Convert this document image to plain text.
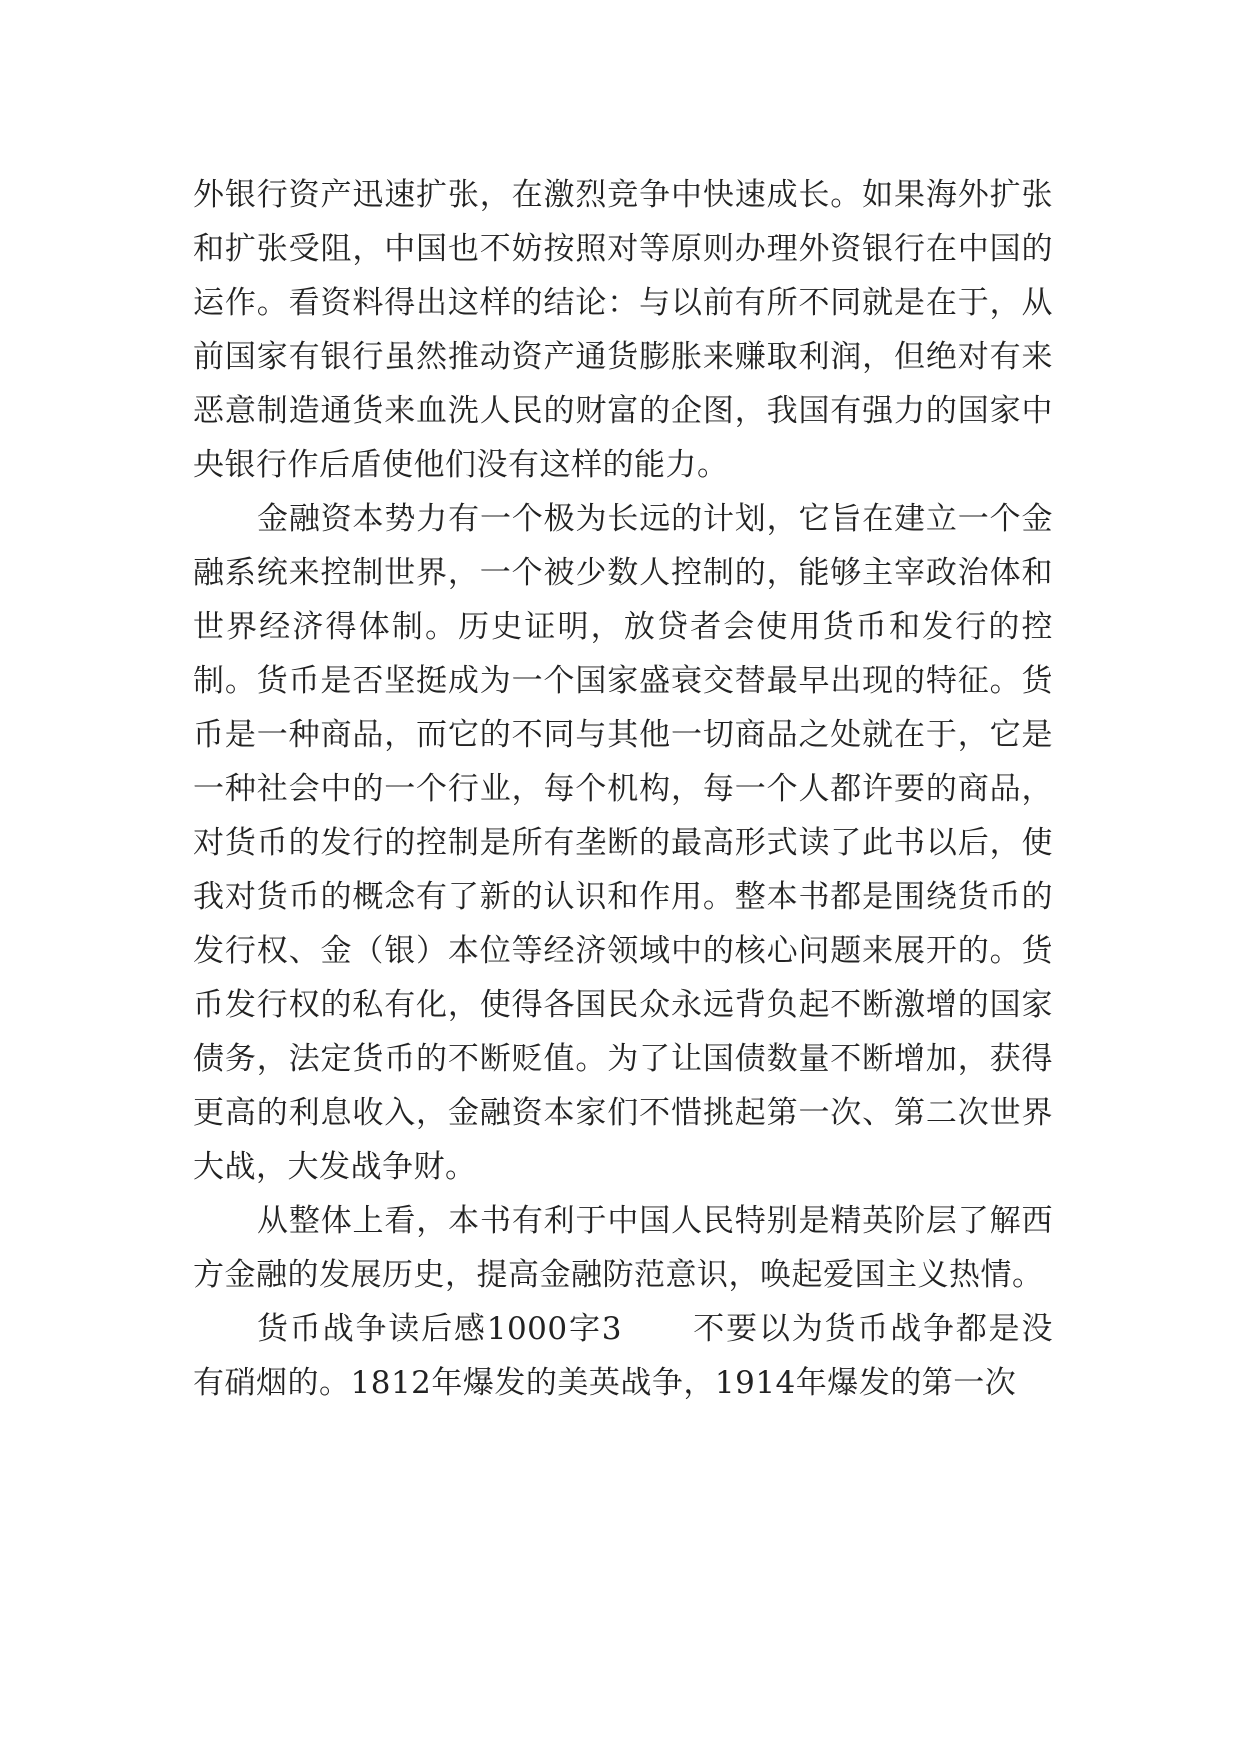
外银行资产迅速扩张，在激烈竞争中快速成长。如果海外扩张和扩张受阻，中国也不妨按照对等原则办理外资银行在中国的运作。看资料得出这样的结论：与以前有所不同就是在于，从前国家有银行虽然推动资产通货膨胀来赚取利润，但绝对有来恶意制造通货来血洗人民的财富的企图，我国有强力的国家中央银行作后盾使他们没有这样的能力。

金融资本势力有一个极为长远的计划，它旨在建立一个金融系统来控制世界，一个被少数人控制的，能够主宰政治体和世界经济得体制。历史证明，放贷者会使用货币和发行的控制。货币是否坚挺成为一个国家盛衰交替最早出现的特征。货币是一种商品，而它的不同与其他一切商品之处就在于，它是一种社会中的一个行业，每个机构，每一个人都许要的商品，对货币的发行的控制是所有垄断的最高形式读了此书以后，使我对货币的概念有了新的认识和作用。整本书都是围绕货币的发行权、金（银）本位等经济领域中的核心问题来展开的。货币发行权的私有化，使得各国民众永远背负起不断激增的国家债务，法定货币的不断贬值。为了让国债数量不断增加，获得更高的利息收入，金融资本家们不惜挑起第一次、第二次世界大战，大发战争财。

从整体上看，本书有利于中国人民特别是精英阶层了解西方金融的发展历史，提高金融防范意识，唤起爱国主义热情。

货币战争读后感1000字3 不要以为货币战争都是没有硝烟的。1812年爆发的美英战争，1914年爆发的第一次
